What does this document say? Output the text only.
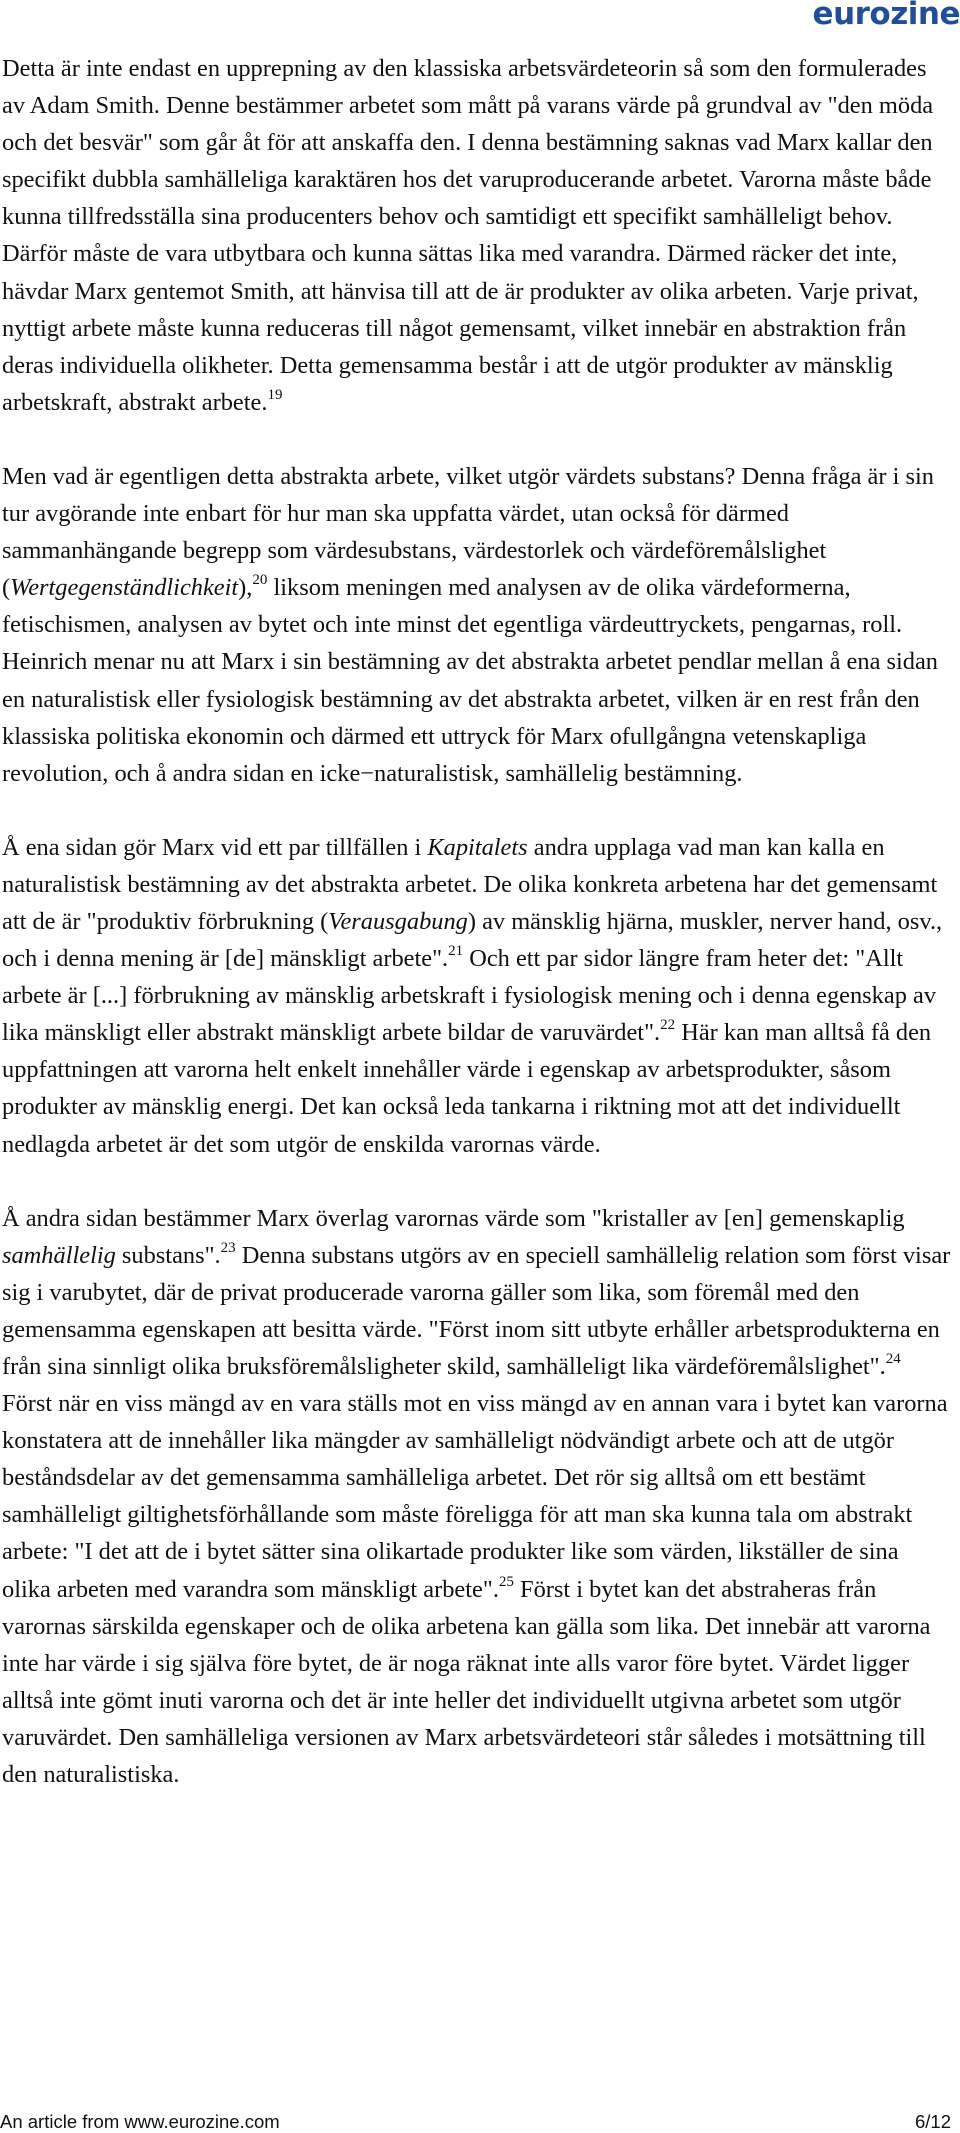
eurozine

Detta är inte endast en upprepning av den klassiska arbetsvärdeteorin så som den formulerades av Adam Smith. Denne bestämmer arbetet som mått på varans värde på grundval av "den möda och det besvär" som går åt för att anskaffa den. I denna bestämning saknas vad Marx kallar den specifikt dubbla samhälleliga karaktären hos det varuproducerande arbetet. Varorna måste både kunna tillfredsställa sina producenters behov och samtidigt ett specifikt samhälleligt behov. Därför måste de vara utbytbara och kunna sättas lika med varandra. Därmed räcker det inte, hävdar Marx gentemot Smith, att hänvisa till att de är produkter av olika arbeten. Varje privat, nyttigt arbete måste kunna reduceras till något gemensamt, vilket innebär en abstraktion från deras individuella olikheter. Detta gemensamma består i att de utgör produkter av mänsklig arbetskraft, abstrakt arbete.$^{19}$

Men vad är egentligen detta abstrakta arbete, vilket utgör värdets substans? Denna fråga är i sin tur avgörande inte enbart för hur man ska uppfatta värdet, utan också för därmed sammanhängande begrepp som värdesubstans, värdestorlek och värdeföremålslighet (Wertgegenständlichkeit),$^{20}$ liksom meningen med analysen av de olika värdeformerna, fetischismen, analysen av bytet och inte minst det egentliga värdeuttryckets, pengarnas, roll. Heinrich menar nu att Marx i sin bestämning av det abstrakta arbetet pendlar mellan å ena sidan en naturalistisk eller fysiologisk bestämning av det abstrakta arbetet, vilken är en rest från den klassiska politiska ekonomin och därmed ett uttryck för Marx ofullgångna vetenskapliga revolution, och å andra sidan en icke−naturalistisk, samhällelig bestämning.

Å ena sidan gör Marx vid ett par tillfällen i Kapitalets andra upplaga vad man kan kalla en naturalistisk bestämning av det abstrakta arbetet. De olika konkreta arbetena har det gemensamt att de är "produktiv förbrukning (Verausgabung) av mänsklig hjärna, muskler, nerver hand, osv., och i denna mening är [de] mänskligt arbete".$^{21}$ Och ett par sidor längre fram heter det: "Allt arbete är [...] förbrukning av mänsklig arbetskraft i fysiologisk mening och i denna egenskap av lika mänskligt eller abstrakt mänskligt arbete bildar de varuvärdet".$^{22}$ Här kan man alltså få den uppfattningen att varorna helt enkelt innehåller värde i egenskap av arbetsprodukter, såsom produkter av mänsklig energi. Det kan också leda tankarna i riktning mot att det individuellt nedlagda arbetet är det som utgör de enskilda varornas värde.

Å andra sidan bestämmer Marx överlag varornas värde som "kristaller av [en] gemenskaplig samhällelig substans".$^{23}$ Denna substans utgörs av en speciell samhällelig relation som först visar sig i varubytet, där de privat producerade varorna gäller som lika, som föremål med den gemensamma egenskapen att besitta värde. "Först inom sitt utbyte erhåller arbetsprodukterna en från sina sinnligt olika bruksföremålsligheter skild, samhälleligt lika värdeföremålslighet".$^{24}$ Först när en viss mängd av en vara ställs mot en viss mängd av en annan vara i bytet kan varorna konstatera att de innehåller lika mängder av samhälleligt nödvändigt arbete och att de utgör beståndsdelar av det gemensamma samhälleliga arbetet. Det rör sig alltså om ett bestämt samhälleligt giltighetsförhållande som måste föreligga för att man ska kunna tala om abstrakt arbete: "I det att de i bytet sätter sina olikartade produkter like som värden, likställer de sina olika arbeten med varandra som mänskligt arbete".$^{25}$ Först i bytet kan det abstraheras från varornas särskilda egenskaper och de olika arbetena kan gälla som lika. Det innebär att varorna inte har värde i sig själva före bytet, de är noga räknat inte alls varor före bytet. Värdet ligger alltså inte gömt inuti varorna och det är inte heller det individuellt utgivna arbetet som utgör varuvärdet. Den samhälleliga versionen av Marx arbetsvärdeteori står således i motsättning till den naturalistiska.

An article from www.eurozine.com	6/12
